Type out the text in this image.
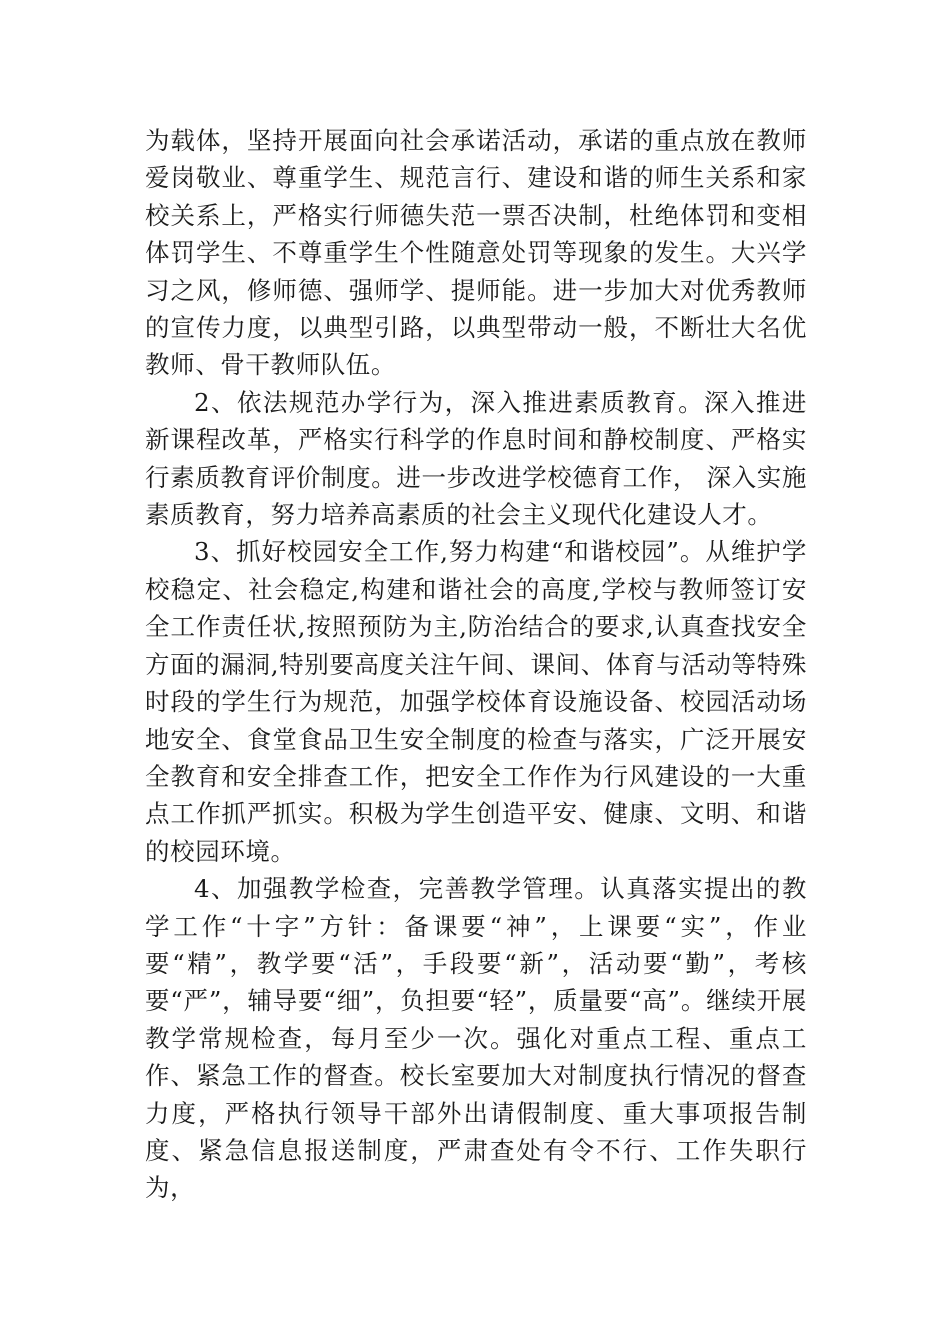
为载体，坚持开展面向社会承诺活动，承诺的重点放在教师爱岗敬业、尊重学生、规范言行、建设和谐的师生关系和家校关系上，严格实行师德失范一票否决制，杜绝体罚和变相体罚学生、不尊重学生个性随意处罚等现象的发生。大兴学习之风，修师德、强师学、提师能。进一步加大对优秀教师的宣传力度，以典型引路，以典型带动一般，不断壮大名优教师、骨干教师队伍。

2、依法规范办学行为，深入推进素质教育。深入推进新课程改革，严格实行科学的作息时间和静校制度、严格实行素质教育评价制度。进一步改进学校德育工作， 深入实施素质教育，努力培养高素质的社会主义现代化建设人才。

3、抓好校园安全工作,努力构建“和谐校园”。从维护学校稳定、社会稳定,构建和谐社会的高度,学校与教师签订安全工作责任状,按照预防为主,防治结合的要求,认真查找安全方面的漏洞,特别要高度关注午间、课间、体育与活动等特殊时段的学生行为规范，加强学校体育设施设备、校园活动场地安全、食堂食品卫生安全制度的检查与落实，广泛开展安全教育和安全排查工作，把安全工作作为行风建设的一大重点工作抓严抓实。积极为学生创造平安、健康、文明、和谐的校园环境。

4、加强教学检查，完善教学管理。认真落实提出的教学工作“十字”方针：备课要“神”，上课要“实”，作业要“精”，教学要“活”，手段要“新”，活动要“勤”，考核要“严”，辅导要“细”，负担要“轻”，质量要“高”。继续开展教学常规检查，每月至少一次。强化对重点工程、重点工作、紧急工作的督查。校长室要加大对制度执行情况的督查力度，严格执行领导干部外出请假制度、重大事项报告制度、紧急信息报送制度，严肃查处有令不行、工作失职行为，
